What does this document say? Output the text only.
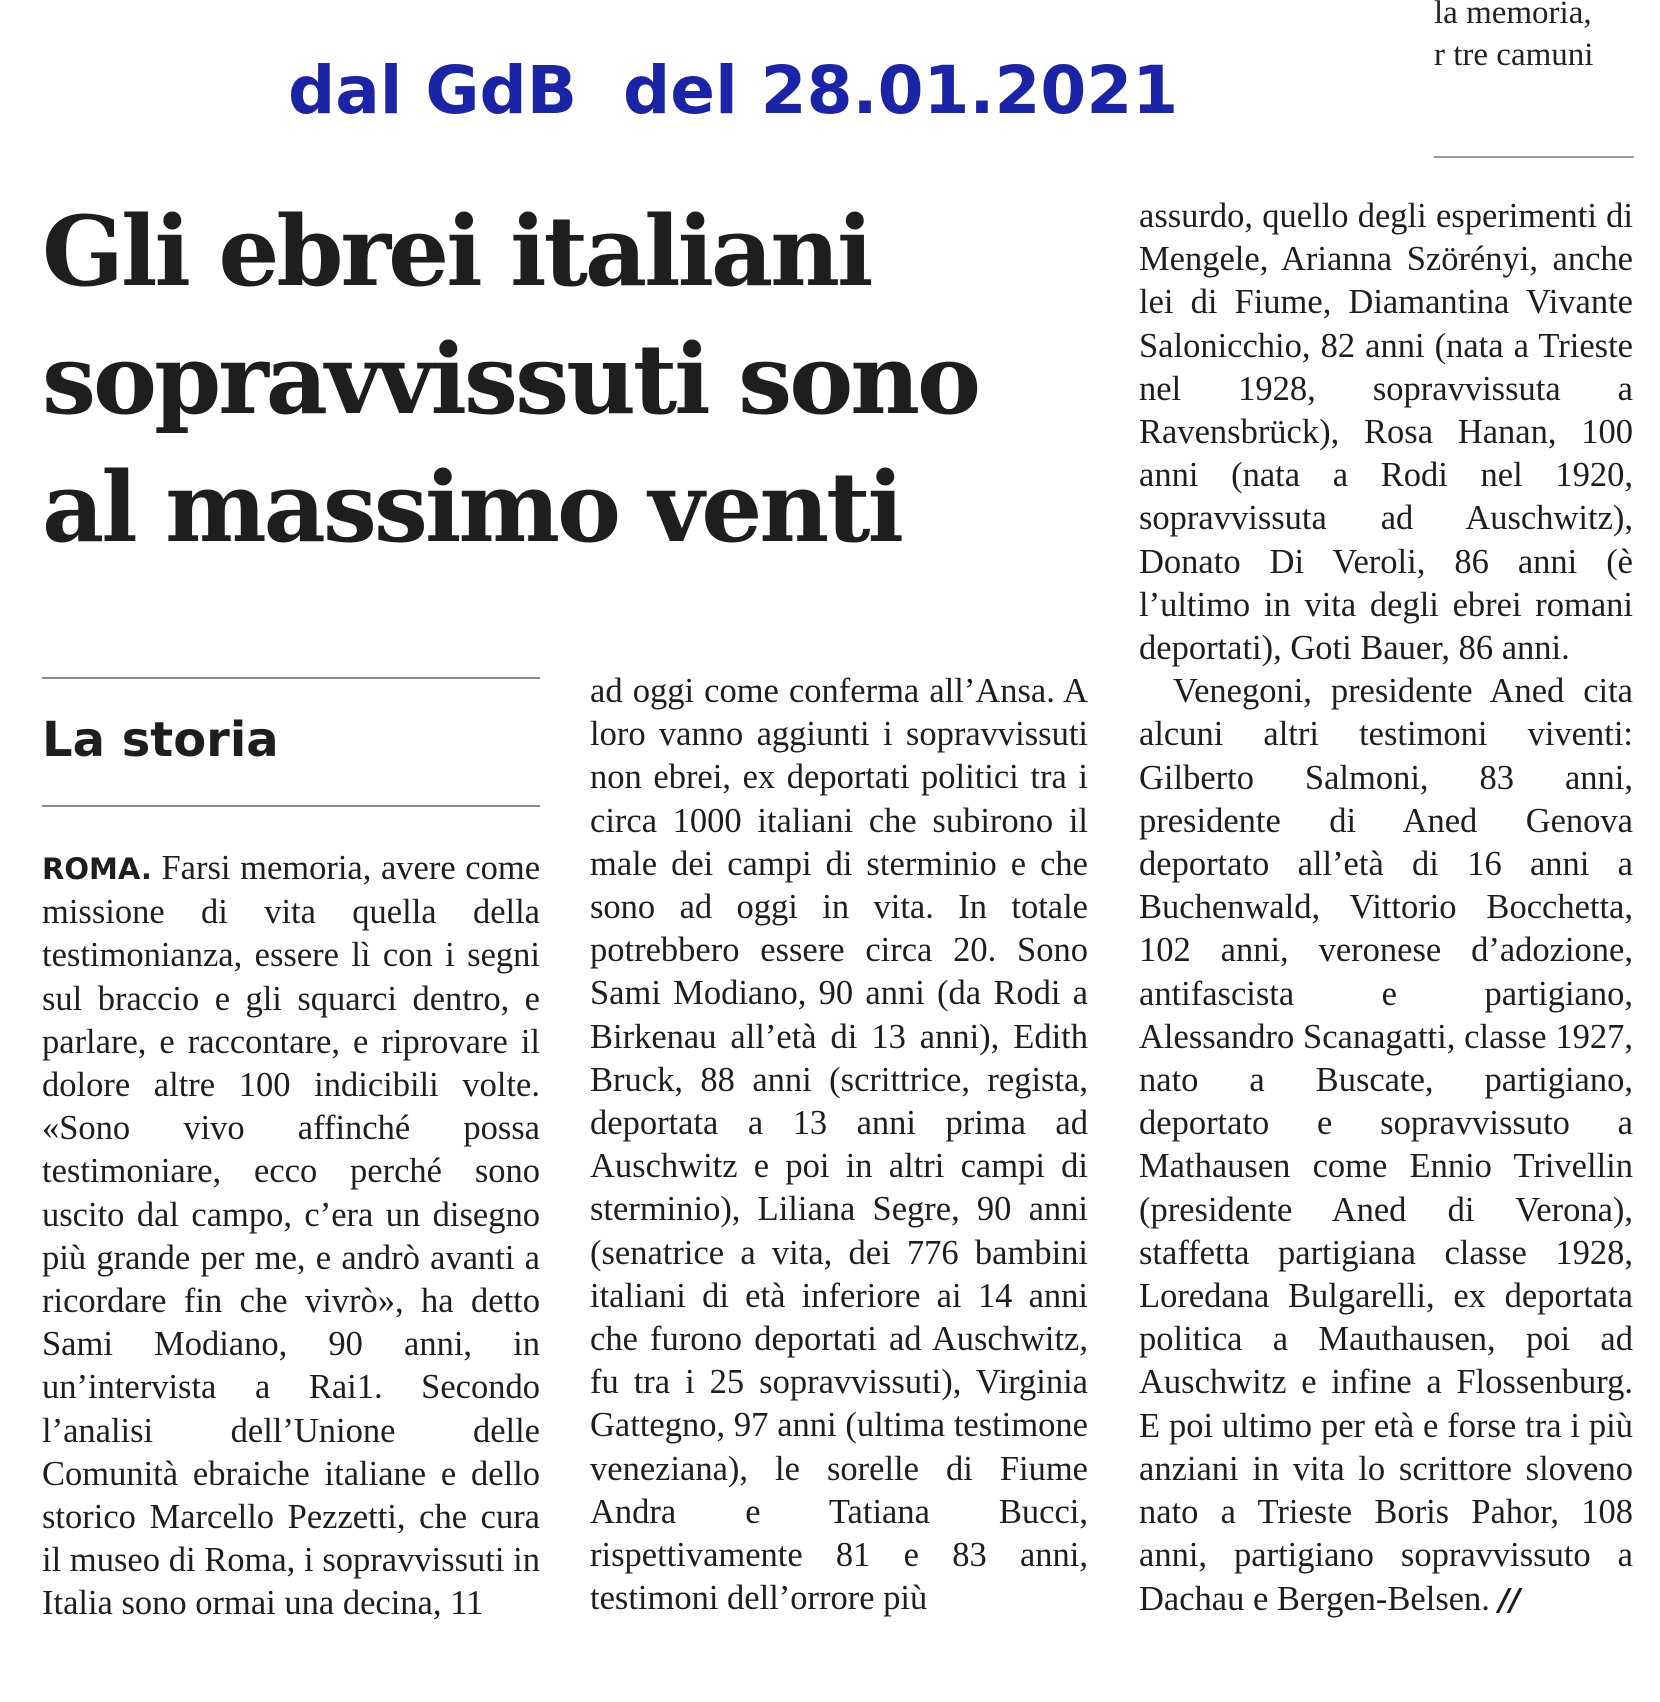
la memoria,
r tre camuni
dal GdB  del 28.01.2021
Gli ebrei italiani
sopravvissuti sono
al massimo venti
La storia

ROMA. Farsi memoria, avere come missione di vita quella della testimonianza, essere lì con i segni sul braccio e gli squarci dentro, e parlare, e raccontare, e riprovare il dolore altre 100 indicibili volte. «Sono vivo affinché possa testimoniare, ecco perché sono uscito dal campo, c’era un disegno più grande per me, e andrò avanti a ricordare fin che vivrò», ha detto Sami Modiano, 90 anni, in un’intervista a Rai1. Secondo l’analisi dell’Unione delle Comunità ebraiche italiane e dello storico Marcello Pezzetti, che cura il museo di Roma, i sopravvissuti in Italia sono ormai una decina, 11

ad oggi come conferma all’Ansa. A loro vanno aggiunti i sopravvissuti non ebrei, ex deportati politici tra i circa 1000 italiani che subirono il male dei campi di sterminio e che sono ad oggi in vita. In totale potrebbero essere circa 20. Sono Sami Modiano, 90 anni (da Rodi a Birkenau all’età di 13 anni), Edith Bruck, 88 anni (scrittrice, regista, deportata a 13 anni prima ad Auschwitz e poi in altri campi di sterminio), Liliana Segre, 90 anni (senatrice a vita, dei 776 bambini italiani di età inferiore ai 14 anni che furono deportati ad Auschwitz, fu tra i 25 sopravvissuti), Virginia Gattegno, 97 anni (ultima testimone veneziana), le sorelle di Fiume Andra e Tatiana Bucci, rispettivamente 81 e 83 anni, testimoni dell’orrore più

assurdo, quello degli esperimenti di Mengele, Arianna Szörényi, anche lei di Fiume, Diamantina Vivante Salonicchio, 82 anni (nata a Trieste nel 1928, sopravvissuta a Ravensbrück), Rosa Hanan, 100 anni (nata a Rodi nel 1920, sopravvissuta ad Auschwitz), Donato Di Veroli, 86 anni (è l’ultimo in vita degli ebrei romani deportati), Goti Bauer, 86 anni.

Venegoni, presidente Aned cita alcuni altri testimoni viventi: Gilberto Salmoni, 83 anni, presidente di Aned Genova deportato all’età di 16 anni a Buchenwald, Vittorio Bocchetta, 102 anni, veronese d’adozione, antifascista e partigiano, Alessandro Scanagatti, classe 1927, nato a Buscate, partigiano, deportato e sopravvissuto a Mathausen come Ennio Trivellin (presidente Aned di Verona), staffetta partigiana classe 1928, Loredana Bulgarelli, ex deportata politica a Mauthausen, poi ad Auschwitz e infine a Flossenburg. E poi ultimo per età e forse tra i più anziani in vita lo scrittore sloveno nato a Trieste Boris Pahor, 108 anni, partigiano sopravvissuto a Dachau e Bergen-Belsen. //
